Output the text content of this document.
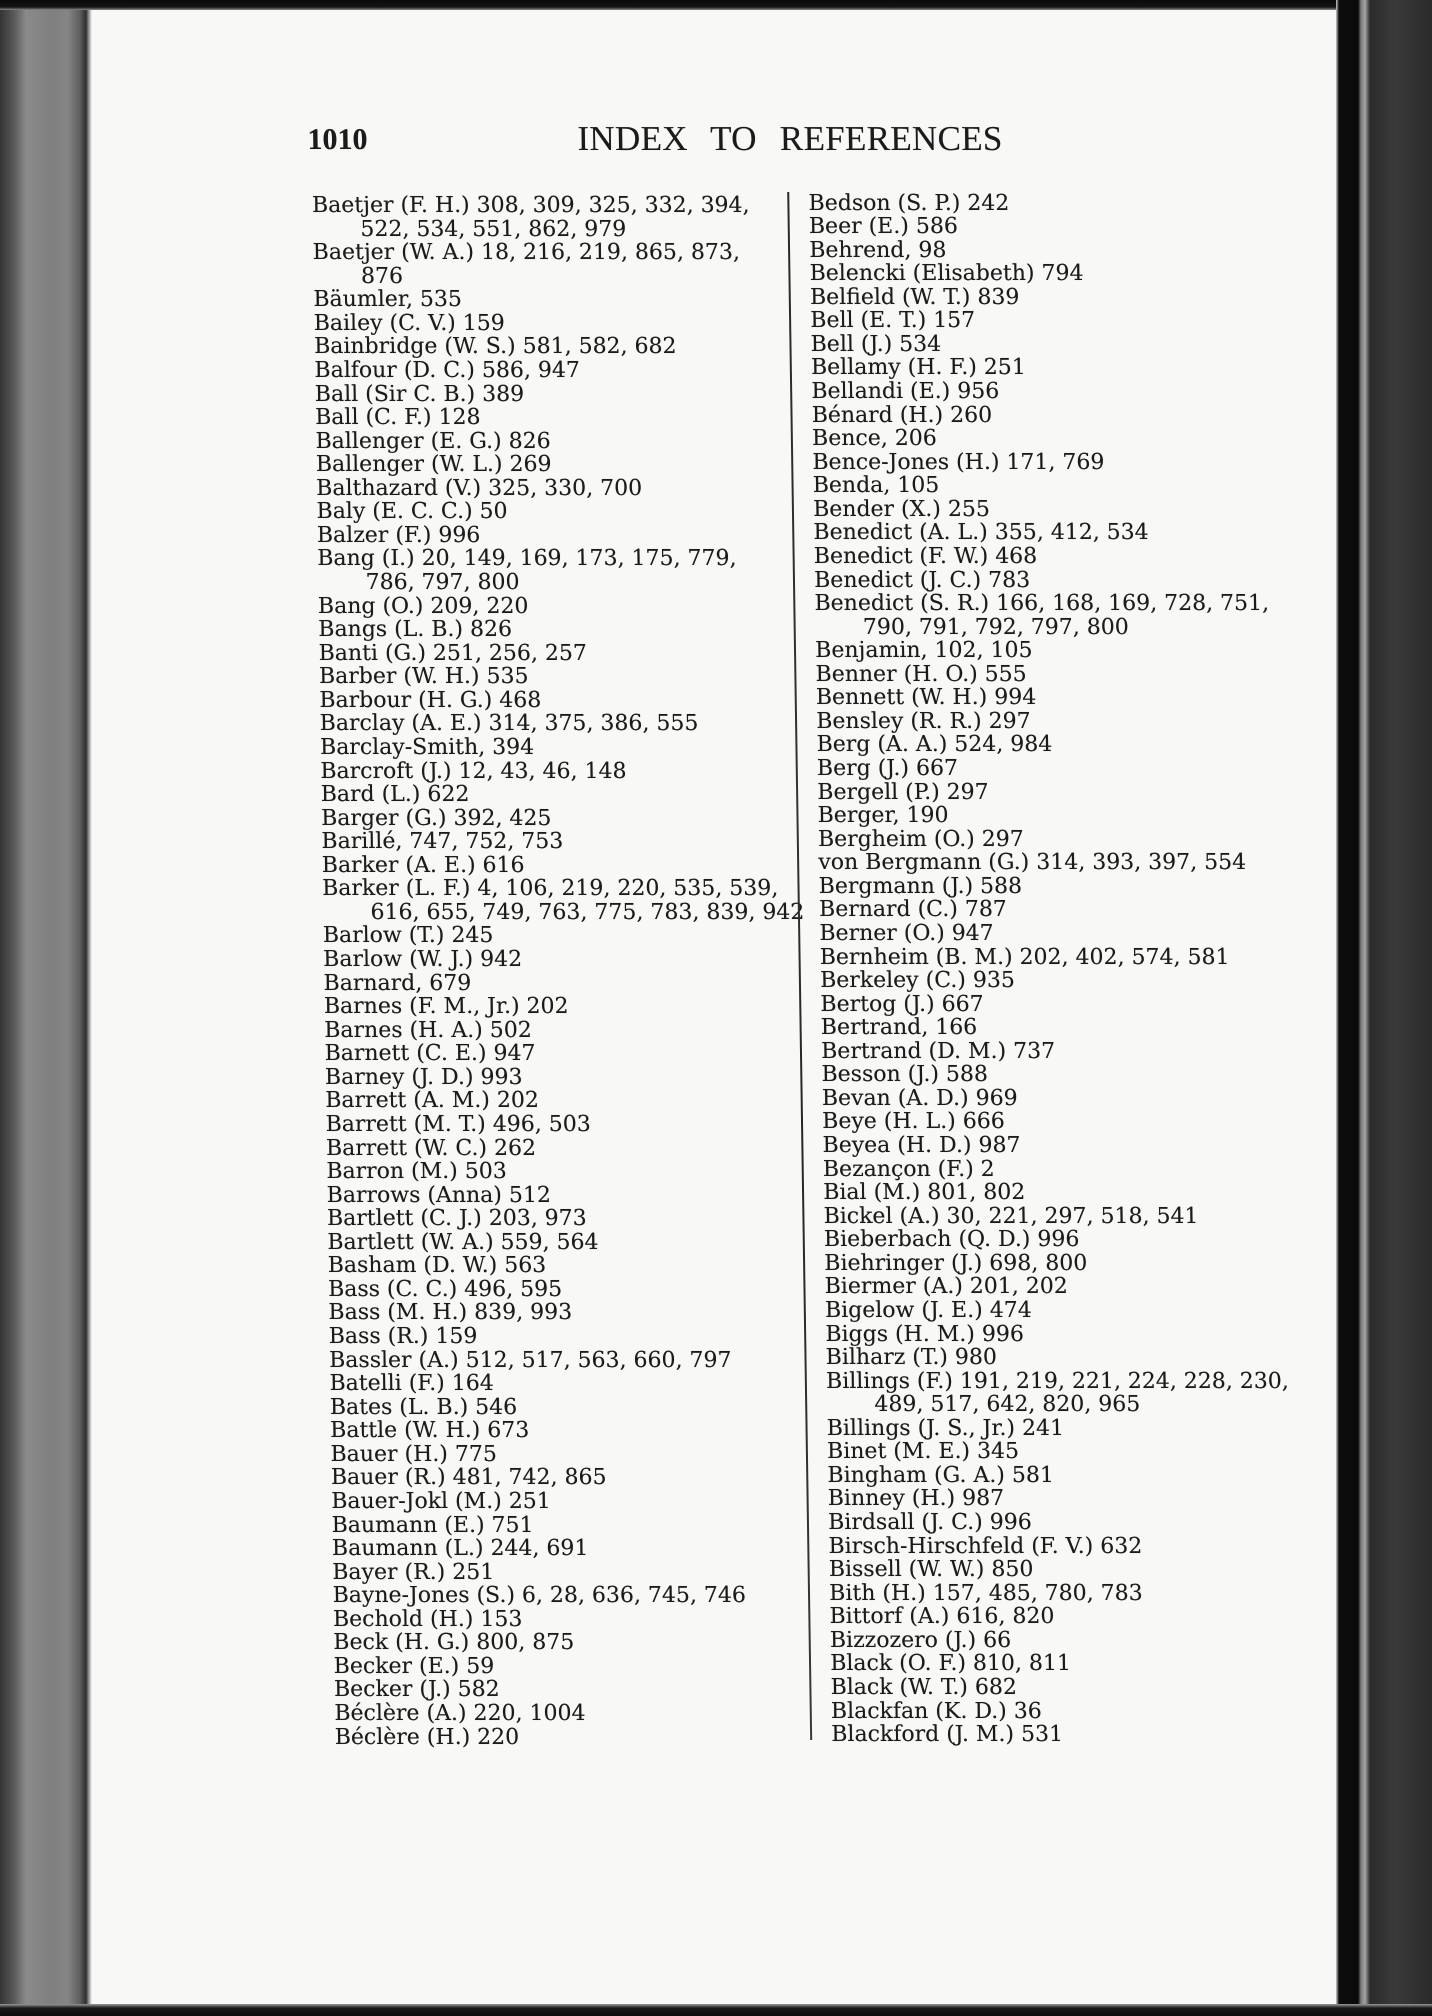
1010	INDEX TO REFERENCES
Baetjer (F. H.) 308, 309, 325, 332, 394,
522, 534, 551, 862, 979
Baetjer (W. A.) 18, 216, 219, 865, 873,
876
Bäumler, 535
Bailey (C. V.) 159
Bainbridge (W. S.) 581, 582, 682
Balfour (D. C.) 586, 947
Ball (Sir C. B.) 389
Ball (C. F.) 128
Ballenger (E. G.) 826
Ballenger (W. L.) 269
Balthazard (V.) 325, 330, 700
Baly (E. C. C.) 50
Balzer (F.) 996
Bang (I.) 20, 149, 169, 173, 175, 779,
786, 797, 800
Bang (O.) 209, 220
Bangs (L. B.) 826
Banti (G.) 251, 256, 257
Barber (W. H.) 535
Barbour (H. G.) 468
Barclay (A. E.) 314, 375, 386, 555
Barclay-Smith, 394
Barcroft (J.) 12, 43, 46, 148
Bard (L.) 622
Barger (G.) 392, 425
Barillé, 747, 752, 753
Barker (A. E.) 616
Barker (L. F.) 4, 106, 219, 220, 535, 539,
616, 655, 749, 763, 775, 783, 839, 942
Barlow (T.) 245
Barlow (W. J.) 942
Barnard, 679
Barnes (F. M., Jr.) 202
Barnes (H. A.) 502
Barnett (C. E.) 947
Barney (J. D.) 993
Barrett (A. M.) 202
Barrett (M. T.) 496, 503
Barrett (W. C.) 262
Barron (M.) 503
Barrows (Anna) 512
Bartlett (C. J.) 203, 973
Bartlett (W. A.) 559, 564
Basham (D. W.) 563
Bass (C. C.) 496, 595
Bass (M. H.) 839, 993
Bass (R.) 159
Bassler (A.) 512, 517, 563, 660, 797
Batelli (F.) 164
Bates (L. B.) 546
Battle (W. H.) 673
Bauer (H.) 775
Bauer (R.) 481, 742, 865
Bauer-Jokl (M.) 251
Baumann (E.) 751
Baumann (L.) 244, 691
Bayer (R.) 251
Bayne-Jones (S.) 6, 28, 636, 745, 746
Bechold (H.) 153
Beck (H. G.) 800, 875
Becker (E.) 59
Becker (J.) 582
Béclère (A.) 220, 1004
Béclère (H.) 220
Bedson (S. P.) 242
Beer (E.) 586
Behrend, 98
Belencki (Elisabeth) 794
Belfield (W. T.) 839
Bell (E. T.) 157
Bell (J.) 534
Bellamy (H. F.) 251
Bellandi (E.) 956
Bénard (H.) 260
Bence, 206
Bence-Jones (H.) 171, 769
Benda, 105
Bender (X.) 255
Benedict (A. L.) 355, 412, 534
Benedict (F. W.) 468
Benedict (J. C.) 783
Benedict (S. R.) 166, 168, 169, 728, 751,
790, 791, 792, 797, 800
Benjamin, 102, 105
Benner (H. O.) 555
Bennett (W. H.) 994
Bensley (R. R.) 297
Berg (A. A.) 524, 984
Berg (J.) 667
Bergell (P.) 297
Berger, 190
Bergheim (O.) 297
von Bergmann (G.) 314, 393, 397, 554
Bergmann (J.) 588
Bernard (C.) 787
Berner (O.) 947
Bernheim (B. M.) 202, 402, 574, 581
Berkeley (C.) 935
Bertog (J.) 667
Bertrand, 166
Bertrand (D. M.) 737
Besson (J.) 588
Bevan (A. D.) 969
Beye (H. L.) 666
Beyea (H. D.) 987
Bezançon (F.) 2
Bial (M.) 801, 802
Bickel (A.) 30, 221, 297, 518, 541
Bieberbach (Q. D.) 996
Biehringer (J.) 698, 800
Biermer (A.) 201, 202
Bigelow (J. E.) 474
Biggs (H. M.) 996
Bilharz (T.) 980
Billings (F.) 191, 219, 221, 224, 228, 230,
489, 517, 642, 820, 965
Billings (J. S., Jr.) 241
Binet (M. E.) 345
Bingham (G. A.) 581
Binney (H.) 987
Birdsall (J. C.) 996
Birsch-Hirschfeld (F. V.) 632
Bissell (W. W.) 850
Bith (H.) 157, 485, 780, 783
Bittorf (A.) 616, 820
Bizzozero (J.) 66
Black (O. F.) 810, 811
Black (W. T.) 682
Blackfan (K. D.) 36
Blackford (J. M.) 531
